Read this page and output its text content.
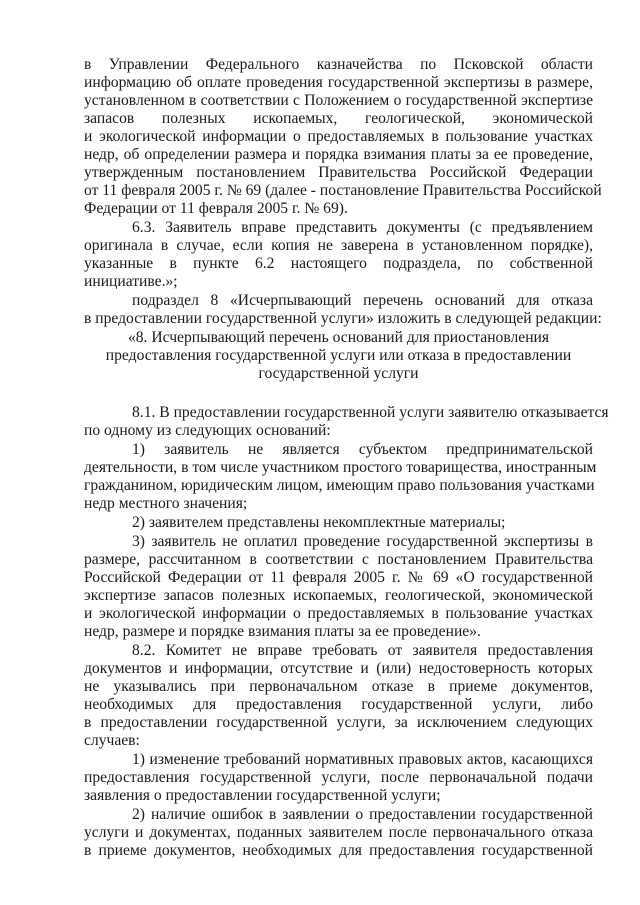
в Управлении Федерального казначейства по Псковской области

информацию об оплате проведения государственной экспертизы в размере,

установленном в соответствии с Положением о государственной экспертизе

запасов полезных ископаемых, геологической, экономической

и экологической информации о предоставляемых в пользование участках

недр, об определении размера и порядка взимания платы за ее проведение,

утвержденным постановлением Правительства Российской Федерации

от 11 февраля 2005 г. № 69 (далее - постановление Правительства Российской

Федерации от 11 февраля 2005 г. № 69).

6.3. Заявитель вправе представить документы (с предъявлением

оригинала в случае, если копия не заверена в установленном порядке),

указанные в пункте 6.2 настоящего подраздела, по собственной

инициативе.»;

подраздел 8 «Исчерпывающий перечень оснований для отказа

в предоставлении государственной услуги» изложить в следующей редакции:

«8. Исчерпывающий перечень оснований для приостановления

предоставления государственной услуги или отказа в предоставлении

государственной услуги

8.1. В предоставлении государственной услуги заявителю отказывается

по одному из следующих оснований:

1) заявитель не является субъектом предпринимательской

деятельности, в том числе участником простого товарищества, иностранным

гражданином, юридическим лицом, имеющим право пользования участками

недр местного значения;

2) заявителем представлены некомплектные материалы;

3) заявитель не оплатил проведение государственной экспертизы в

размере, рассчитанном в соответствии с постановлением Правительства

Российской Федерации от 11 февраля 2005 г. № 69 «О государственной

экспертизе запасов полезных ископаемых, геологической, экономической

и экологической информации о предоставляемых в пользование участках

недр, размере и порядке взимания платы за ее проведение».

8.2. Комитет не вправе требовать от заявителя предоставления

документов и информации, отсутствие и (или) недостоверность которых

не указывались при первоначальном отказе в приеме документов,

необходимых для предоставления государственной услуги, либо

в предоставлении государственной услуги, за исключением следующих

случаев:

1) изменение требований нормативных правовых актов, касающихся

предоставления государственной услуги, после первоначальной подачи

заявления о предоставлении государственной услуги;

2) наличие ошибок в заявлении о предоставлении государственной

услуги и документах, поданных заявителем после первоначального отказа

в приеме документов, необходимых для предоставления государственной
